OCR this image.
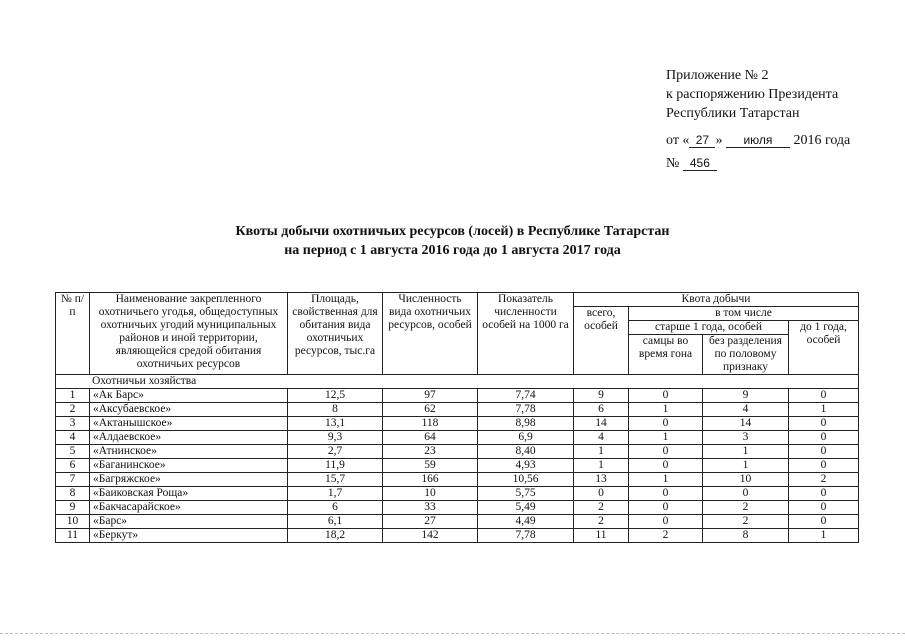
Приложение № 2
к распоряжению Президента
Республики Татарстан
от « 27 » июля 2016 года
№ 456
Квоты добычи охотничьих ресурсов (лосей) в Республике Татарстан
на период с 1 августа 2016 года до 1 августа 2017 года
№ п/п	Наименование закрепленного охотничьего угодья, общедоступных охотничьих угодий муниципальных районов и иной территории, являющейся средой обитания охотничьих ресурсов	Площадь, свойственная для обитания вида охотничьих ресурсов, тыс.га	Численность вида охотничьих ресурсов, особей	Показатель численности особей на 1000 га	Квота добычи			
					всего, особей	в том числе		
						старше 1 года, особей		до 1 года, особей
						самцы во время гона	без разделения по половому признаку	
Охотничьи хозяйства								
1	«Ак Барс»	12,5	97	7,74	9	0	9	0
2	«Аксубаевское»	8	62	7,78	6	1	4	1
3	«Актанышское»	13,1	118	8,98	14	0	14	0
4	«Алдаевское»	9,3	64	6,9	4	1	3	0
5	«Атнинское»	2,7	23	8,40	1	0	1	0
6	«Баганинское»	11,9	59	4,93	1	0	1	0
7	«Багряжское»	15,7	166	10,56	13	1	10	2
8	«Баиковская Роща»	1,7	10	5,75	0	0	0	0
9	«Бакчасарайское»	6	33	5,49	2	0	2	0
10	«Барс»	6,1	27	4,49	2	0	2	0
11	«Беркут»	18,2	142	7,78	11	2	8	1
